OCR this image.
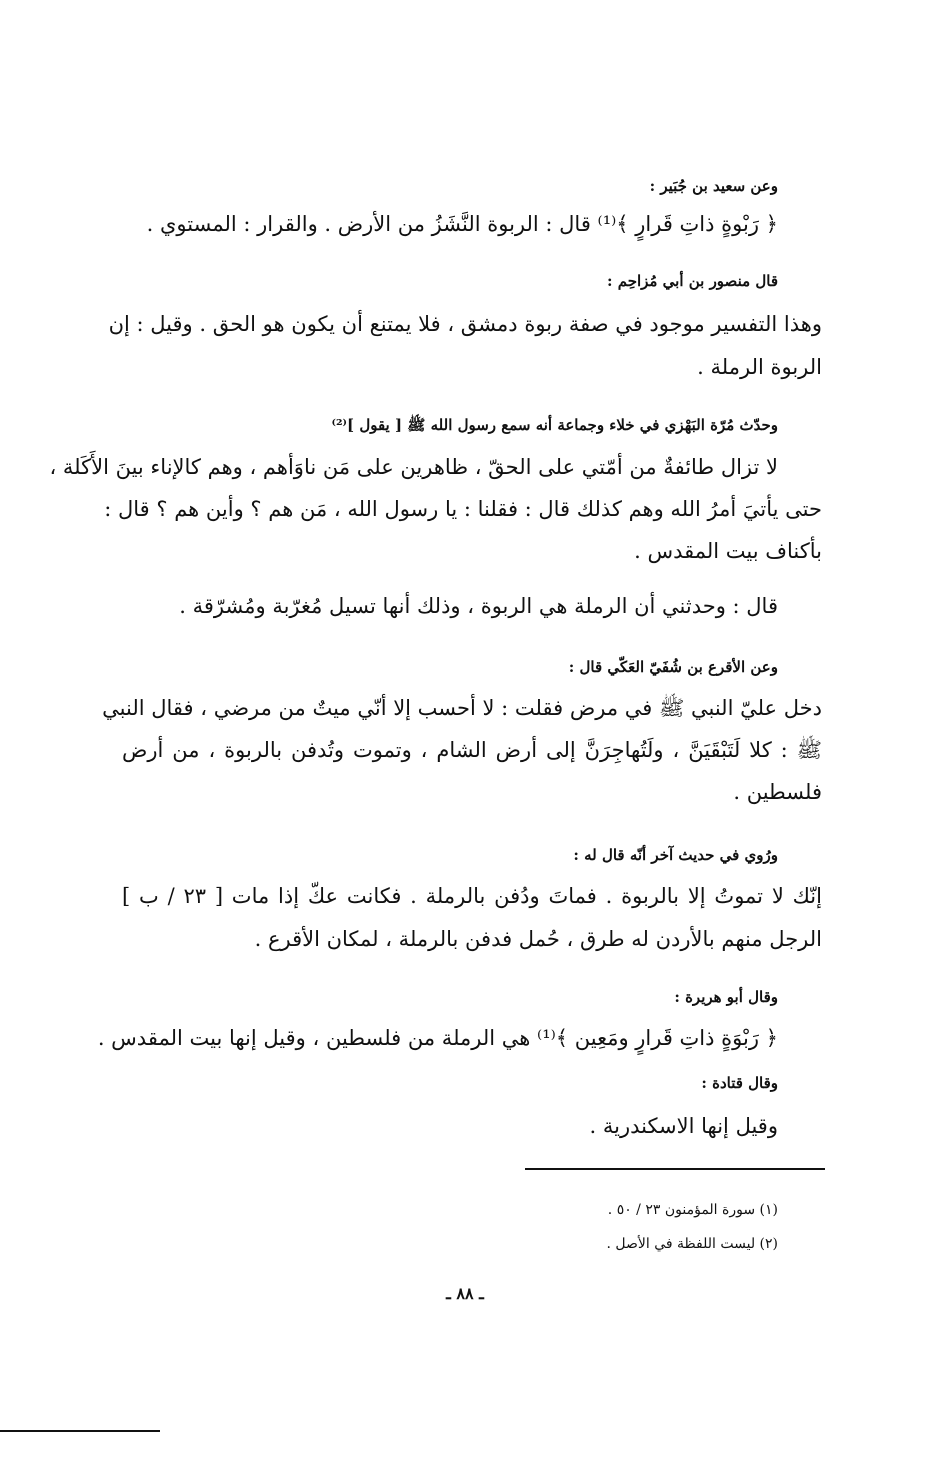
وعن سعيد بن جُبَير :
﴿ رَبْوةٍ ذاتِ قَرارٍ ﴾⁽¹⁾ قال : الربوة النَّشَزُ من الأرض . والقرار : المستوي .
قال منصور بن أبي مُزاحِم :
وهذا التفسير موجود في صفة ربوة دمشق ، فلا يمتنع أن يكون هو الحق . وقيل : إن
الربوة الرملة .
وحدّث مُرّة البَهْزي في خلاء وجماعة أنه سمع رسول الله ﷺ [ يقول ]⁽²⁾
لا تزال طائفةٌ من أمّتي على الحقّ ، ظاهرين على مَن ناوَأهم ، وهم كالإناء بينَ الأَكَلة ،
حتى يأتيَ أمرُ الله وهم كذلك قال : فقلنا : يا رسول الله ، مَن هم ؟ وأين هم ؟ قال :
بأكناف بيت المقدس .
قال : وحدثني أن الرملة هي الربوة ، وذلك أنها تسيل مُغرّبة ومُشرّقة .
وعن الأقرع بن شُفَيّ العَكّي قال :
دخل عليّ النبي ﷺ في مرض فقلت : لا أحسب إلا أنّي ميتٌ من مرضي ، فقال النبي
ﷺ : كلا لَتَبْقَيَنَّ ، ولَتُهاجِرَنَّ إلى أرض الشام ، وتموت وتُدفن بالربوة ، من أرض
فلسطين .
ورُوي في حديث آخر أنّه قال له :
إنّك لا تموتُ إلا بالربوة . فماتَ ودُفن بالرملة . فكانت عكّ إذا مات [ ٢٣ / ب ]
الرجل منهم بالأردن له طرق ، حُمل فدفن بالرملة ، لمكان الأقرع .
وقال أبو هريرة :
﴿ رَبْوَةٍ ذاتِ قَرارٍ ومَعِين ﴾⁽¹⁾ هي الرملة من فلسطين ، وقيل إنها بيت المقدس .
وقال قتادة :
وقيل إنها الاسكندرية .
(١) سورة المؤمنون ٢٣ / ٥٠ .
(٢) ليست اللفظة في الأصل .
ـ ٨٨ ـ
